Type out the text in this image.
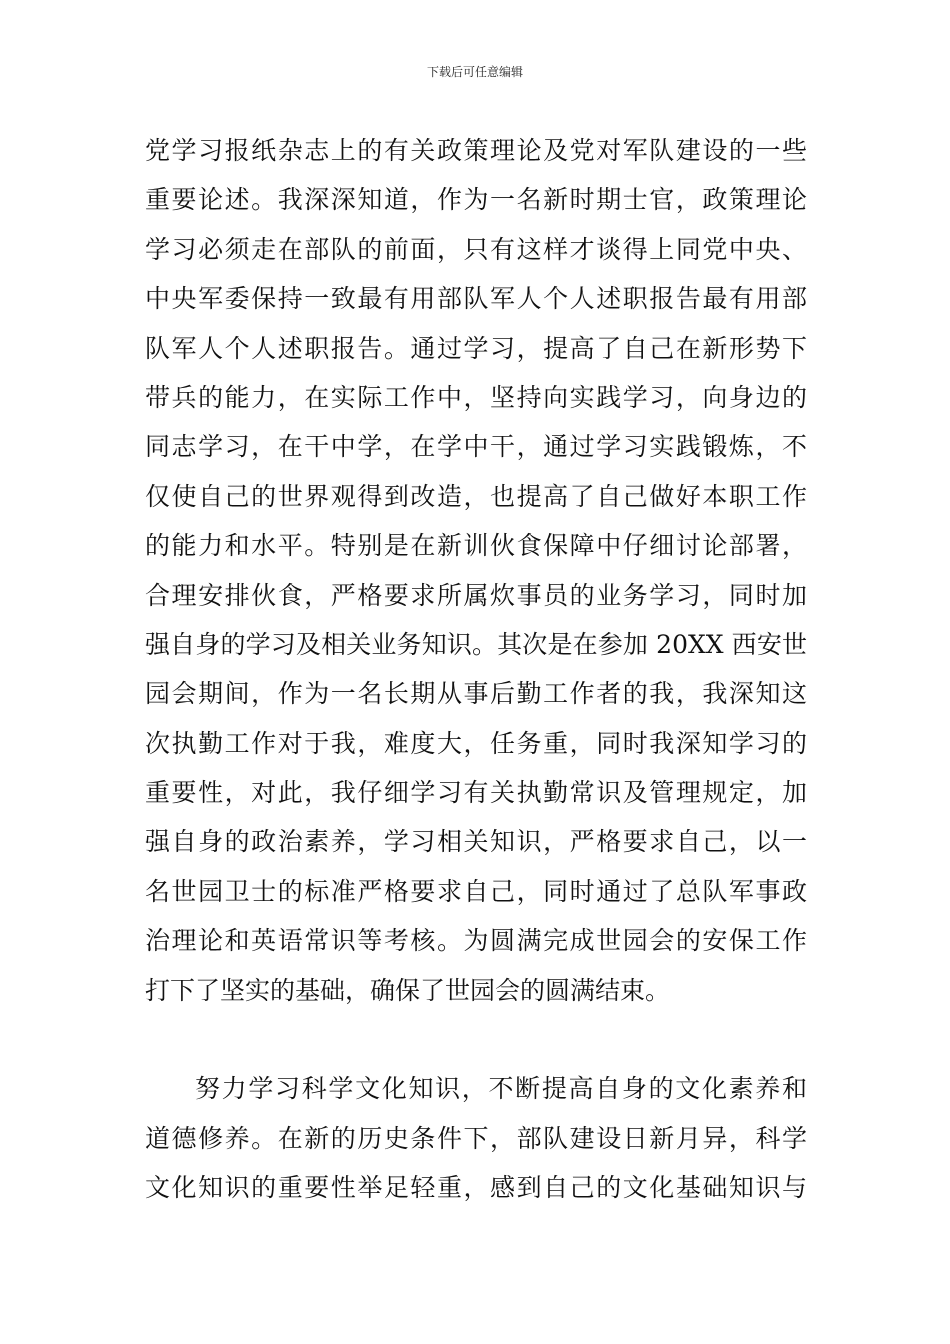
下载后可任意编辑
党学习报纸杂志上的有关政策理论及党对军队建设的一些
重要论述。我深深知道，作为一名新时期士官，政策理论
学习必须走在部队的前面，只有这样才谈得上同党中央、
中央军委保持一致最有用部队军人个人述职报告最有用部
队军人个人述职报告。通过学习，提高了自己在新形势下
带兵的能力，在实际工作中，坚持向实践学习，向身边的
同志学习，在干中学，在学中干，通过学习实践锻炼，不
仅使自己的世界观得到改造，也提高了自己做好本职工作
的能力和水平。特别是在新训伙食保障中仔细讨论部署，
合理安排伙食，严格要求所属炊事员的业务学习，同时加
强自身的学习及相关业务知识。其次是在参加 20XX 西安世
园会期间，作为一名长期从事后勤工作者的我，我深知这
次执勤工作对于我，难度大，任务重，同时我深知学习的
重要性，对此，我仔细学习有关执勤常识及管理规定，加
强自身的政治素养，学习相关知识，严格要求自己，以一
名世园卫士的标准严格要求自己，同时通过了总队军事政
治理论和英语常识等考核。为圆满完成世园会的安保工作
打下了坚实的基础，确保了世园会的圆满结束。
努力学习科学文化知识，不断提高自身的文化素养和
道德修养。在新的历史条件下，部队建设日新月异，科学
文化知识的重要性举足轻重，感到自己的文化基础知识与
